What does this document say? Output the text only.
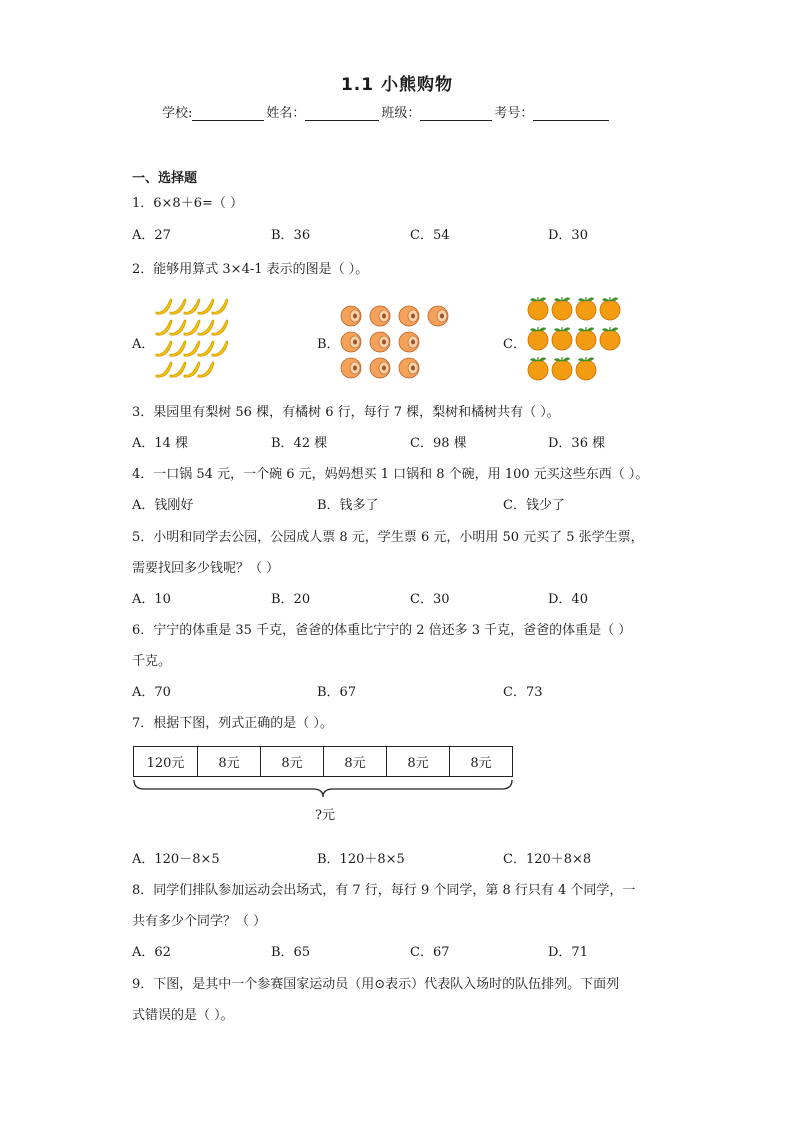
1.1 小熊购物
学校:	姓名：	班级：	考号：
一、选择题
1．6×8＋6=（ ）
A．27	B．36	C．54	D．30
2．能够用算式 3×4-1 表示的图是（ ）。
A．	B．	C．
3．果园里有梨树 56 棵，有橘树 6 行，每行 7 棵，梨树和橘树共有（ ）。
A．14 棵	B．42 棵	C．98 棵	D．36 棵
4．一口锅 54 元，一个碗 6 元，妈妈想买 1 口锅和 8 个碗，用 100 元买这些东西（ ）。
A．钱刚好	B．钱多了	C．钱少了
5．小明和同学去公园，公园成人票 8 元，学生票 6 元，小明用 50 元买了 5 张学生票，
需要找回多少钱呢？（ ）
A．10	B．20	C．30	D．40
6．宁宁的体重是 35 千克，爸爸的体重比宁宁的 2 倍还多 3 千克，爸爸的体重是（ ）
千克。
A．70	B．67	C．73
7．根据下图，列式正确的是（ ）。
120元	8元	8元	8元	8元	8元
?元
A．120－8×5	B．120＋8×5	C．120＋8×8
8．同学们排队参加运动会出场式，有 7 行，每行 9 个同学，第 8 行只有 4 个同学，一
共有多少个同学？（ ）
A．62	B．65	C．67	D．71
9．下图，是其中一个参赛国家运动员（用⊙表示）代表队入场时的队伍排列。下面列
式错误的是（ ）。
